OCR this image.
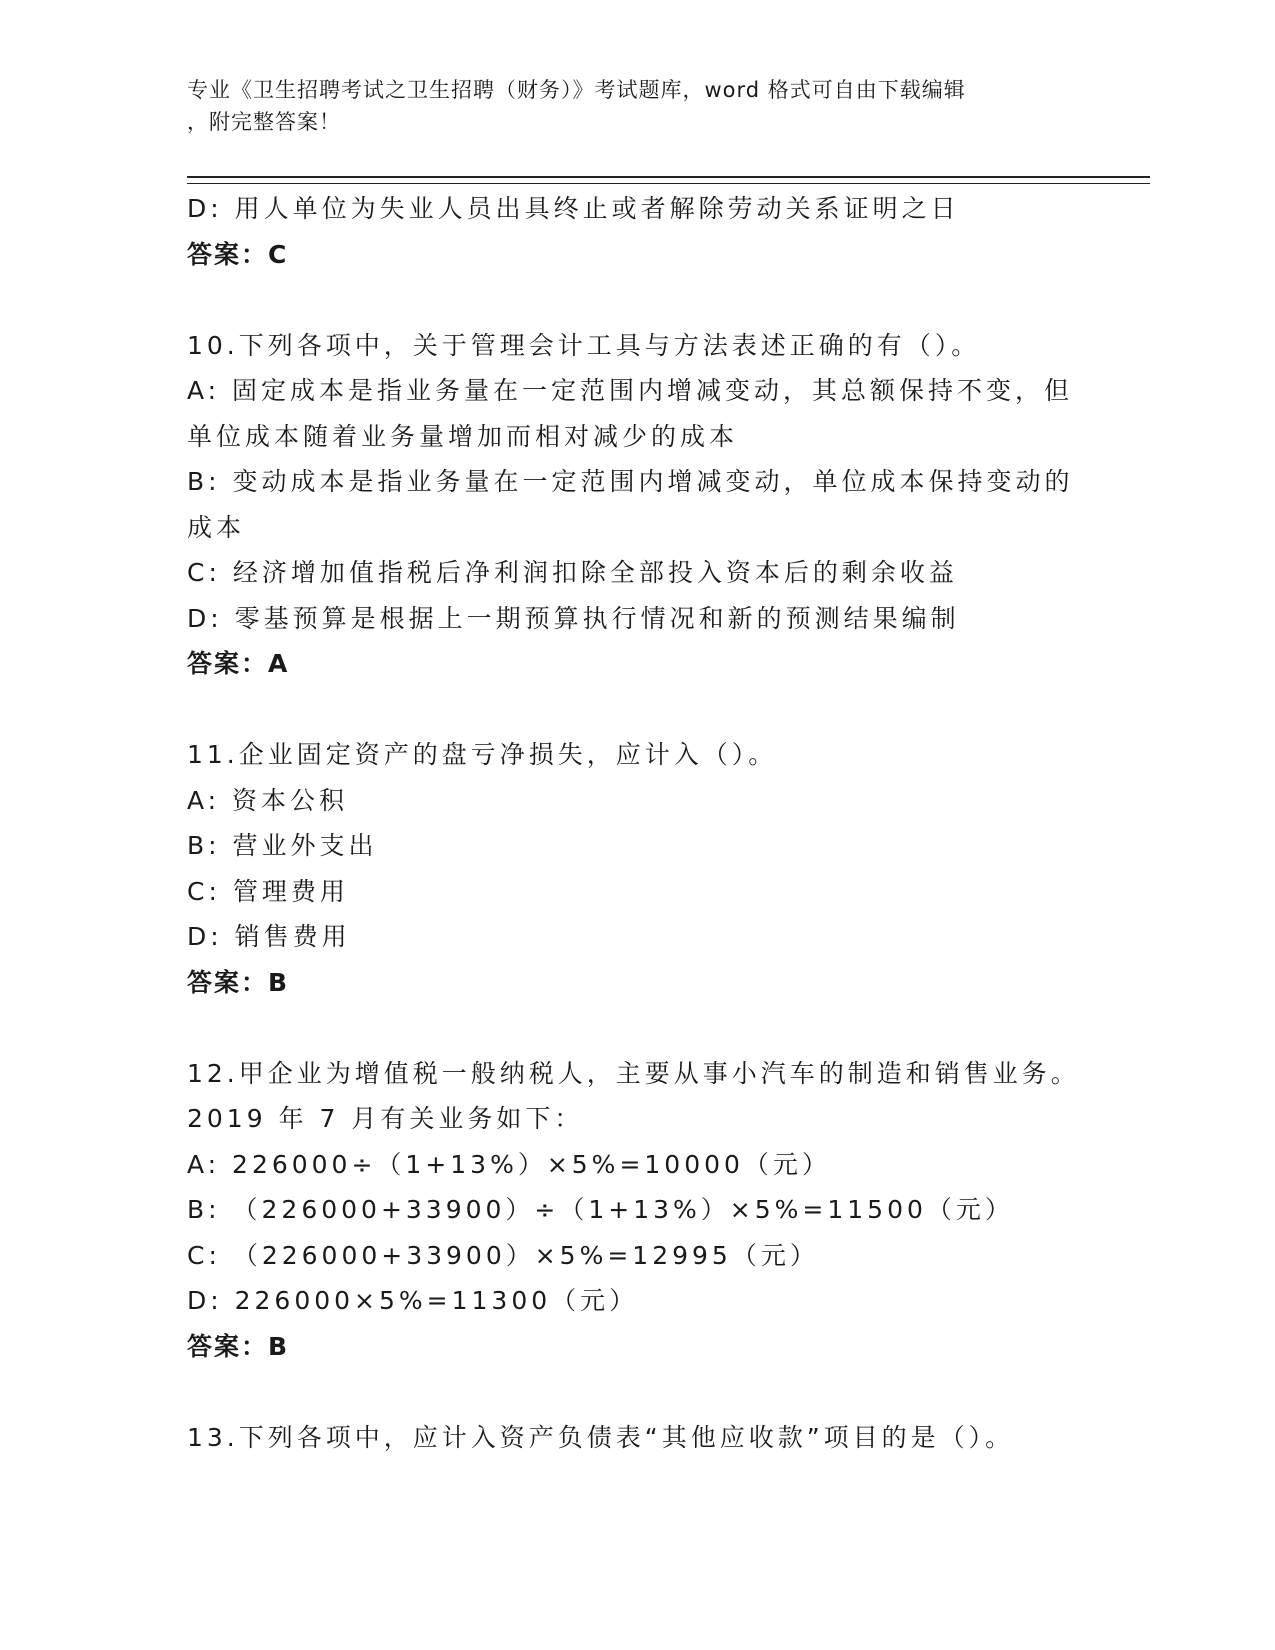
专业《卫生招聘考试之卫生招聘（财务）》考试题库，word 格式可自由下载编辑
，附完整答案！
D: 用人单位为失业人员出具终止或者解除劳动关系证明之日
答案：C
10.下列各项中，关于管理会计工具与方法表述正确的有（）。
A: 固定成本是指业务量在一定范围内增减变动，其总额保持不变，但
单位成本随着业务量增加而相对减少的成本
B: 变动成本是指业务量在一定范围内增减变动，单位成本保持变动的
成本
C: 经济增加值指税后净利润扣除全部投入资本后的剩余收益
D: 零基预算是根据上一期预算执行情况和新的预测结果编制
答案：A
11.企业固定资产的盘亏净损失，应计入（）。
A: 资本公积
B: 营业外支出
C: 管理费用
D: 销售费用
答案：B
12.甲企业为增值税一般纳税人，主要从事小汽车的制造和销售业务。
2019 年 7 月有关业务如下：
A: 226000÷（1+13%）×5%=10000（元）
B: （226000+33900）÷（1+13%）×5%=11500（元）
C: （226000+33900）×5%=12995（元）
D: 226000×5%=11300（元）
答案：B
13.下列各项中，应计入资产负债表“其他应收款”项目的是（）。
